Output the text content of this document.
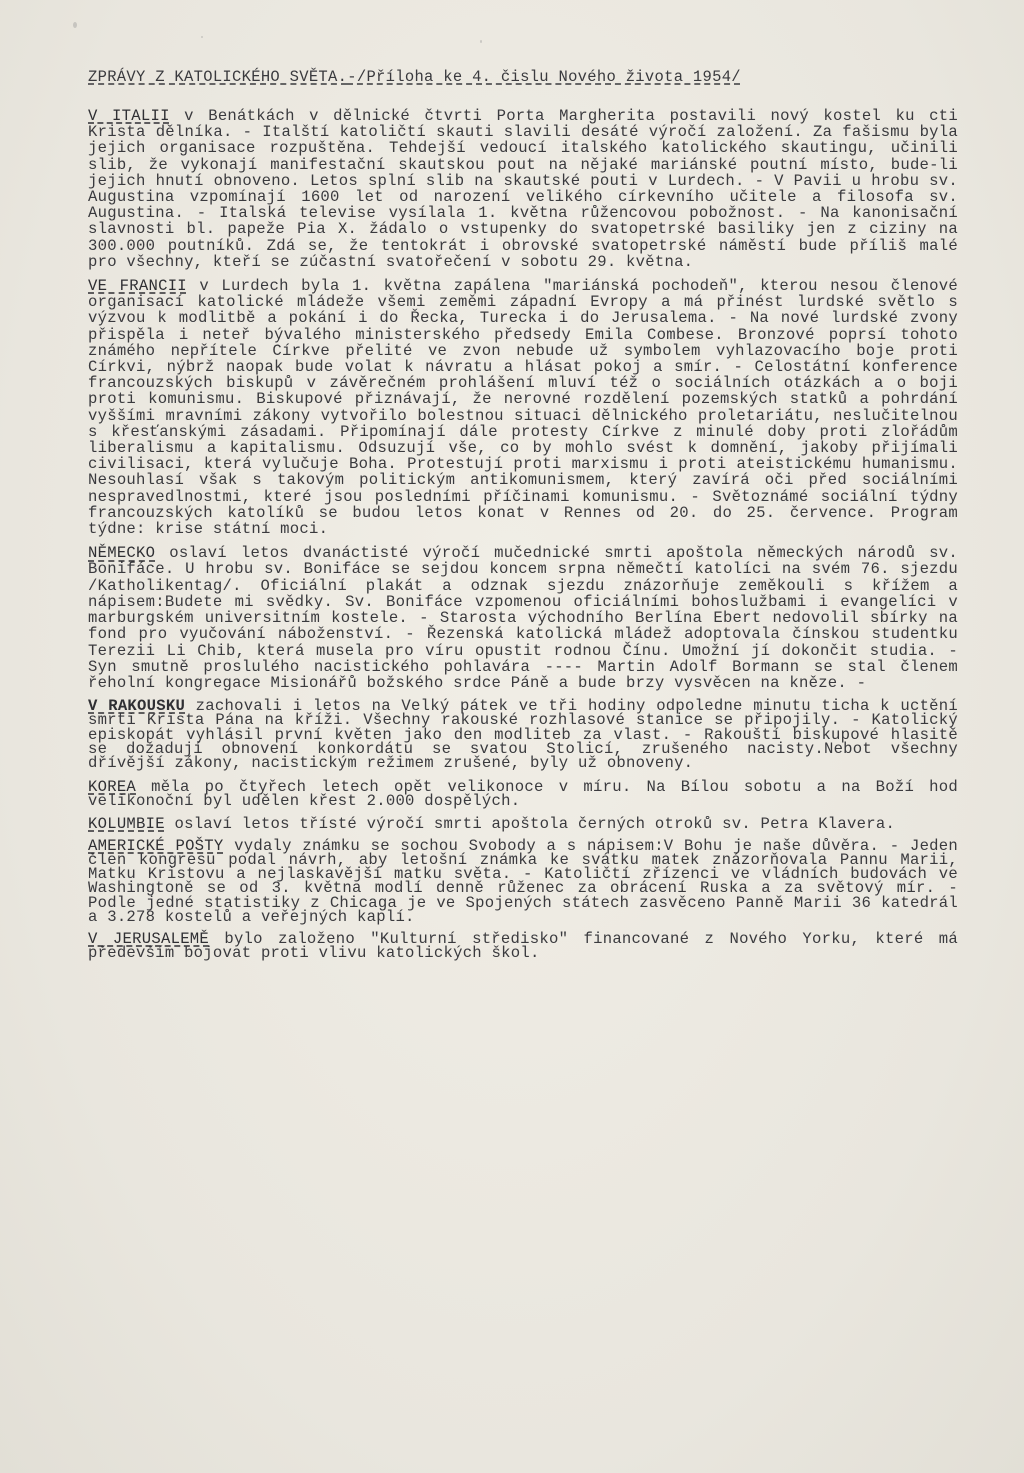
ZPRÁVY Z KATOLICKÉHO SVĚTA.-/Příloha ke 4. čislu Nového života 1954/

V ITALII v Benátkách v dělnické čtvrti Porta Margherita postavili nový kostel ku cti Krista dělníka. - Italští katoličtí skauti slavili desáté výročí založení. Za fašismu byla jejich organisace rozpuštěna. Tehdejší vedoucí italského katolického skautingu, učinili slib, že vykonají manifestační skautskou pout na nějaké mariánské poutní místo, bude-li jejich hnutí obnoveno. Letos splní slib na skautské pouti v Lurdech. - V Pavii u hrobu sv. Augustina vzpomínají 1600 let od narození velikého církevního učitele a filosofa sv. Augustina. - Italská televise vysílala 1. května růžencovou pobožnost. - Na kanonisační slavnosti bl. papeže Pia X. žádalo o vstupenky do svatopetrské basiliky jen z ciziny na 300.000 poutníků. Zdá se, že tentokrát i obrovské svatopetrské náměstí bude příliš malé pro všechny, kteří se zúčastní svatořečení v sobotu 29. května.

VE FRANCII v Lurdech byla 1. května zapálena "mariánská pochodeň", kterou nesou členové organisací katolické mládeže všemi zeměmi západní Evropy a má přinést lurdské světlo s výzvou k modlitbě a pokání i do Řecka, Turecka i do Jerusalema. - Na nové lurdské zvony přispěla i neteř bývalého ministerského předsedy Emila Combese. Bronzové poprsí tohoto známého nepřítele Církve přelité ve zvon nebude už symbolem vyhlazovacího boje proti Církvi, nýbrž naopak bude volat k návratu a hlásat pokoj a smír. - Celostátní konference francouzských biskupů v závěrečném prohlášení mluví též o sociálních otázkách a o boji proti komunismu. Biskupové přiznávají, že nerovné rozdělení pozemských statků a pohrdání vyššími mravními zákony vytvořilo bolestnou situaci dělnického proletariátu, neslučitelnou s křesťanskými zásadami. Připomínají dále protesty Církve z minulé doby proti zlořádům liberalismu a kapitalismu. Odsuzují vše, co by mohlo svést k domnění, jakoby přijímali civilisaci, která vylučuje Boha. Protestují proti marxismu i proti ateistickému humanismu. Nesouhlasí však s takovým politickým antikomunismem, který zavírá oči před sociálními nespravedlnostmi, které jsou posledními příčinami komunismu. - Světoznámé sociální týdny francouzských katolíků se budou letos konat v Rennes od 20. do 25. července. Program týdne: krise státní moci.

NĚMECKO oslaví letos dvanáctisté výročí mučednické smrti apoštola německých národů sv. Bonifáce. U hrobu sv. Bonifáce se sejdou koncem srpna němečtí katolíci na svém 76. sjezdu /Katholikentag/. Oficiální plakát a odznak sjezdu znázorňuje zeměkouli s křížem a nápisem:Budete mi svědky. Sv. Bonifáce vzpomenou oficiálními bohoslužbami i evangelíci v marburgském universitním kostele. - Starosta východního Berlína Ebert nedovolil sbírky na fond pro vyučování náboženství. - Řezenská katolická mládež adoptovala čínskou studentku Terezii Li Chib, která musela pro víru opustit rodnou Čínu. Umožní jí dokončit studia. - Syn smutně proslulého nacistického pohlavára ---- Martin Adolf Bormann se stal členem řeholní kongregace Misionářů božského srdce Páně a bude brzy vysvěcen na kněze. -

V RAKOUSKU zachovali i letos na Velký pátek ve tři hodiny odpoledne minutu ticha k uctění smrti Krista Pána na kříži. Všechny rakouské rozhlasové stanice se připojily. - Katolický episkopát vyhlásil první květen jako den modliteb za vlast. - Rakouští biskupové hlasitě se dožadují obnovení konkordátu se svatou Stolicí, zrušeného nacisty.Nebot všechny dřívější zákony, nacistickým režimem zrušené, byly už obnoveny.

KOREA měla po čtyřech letech opět velikonoce v míru. Na Bílou sobotu a na Boží hod velikonoční byl udělen křest 2.000 dospělých.

KOLUMBIE oslaví letos třísté výročí smrti apoštola černých otroků sv. Petra Klavera.

AMERICKÉ POŠTY vydaly známku se sochou Svobody a s nápisem:V Bohu je naše důvěra. - Jeden člen kongresu podal návrh, aby letošní známka ke svátku matek znázorňovala Pannu Marii, Matku Kristovu a nejlaskavější matku světa. - Katoličtí zřízenci ve vládních budovách ve Washingtoně se od 3. května modlí denně růženec za obrácení Ruska a za světový mír. - Podle jedné statistiky z Chicaga je ve Spojených státech zasvěceno Panně Marii 36 katedrál a 3.278 kostelů a veřejných kaplí.

V JERUSALEMĚ bylo založeno "Kulturní středisko" financované z Nového Yorku, které má především bojovat proti vlivu katolických škol.
